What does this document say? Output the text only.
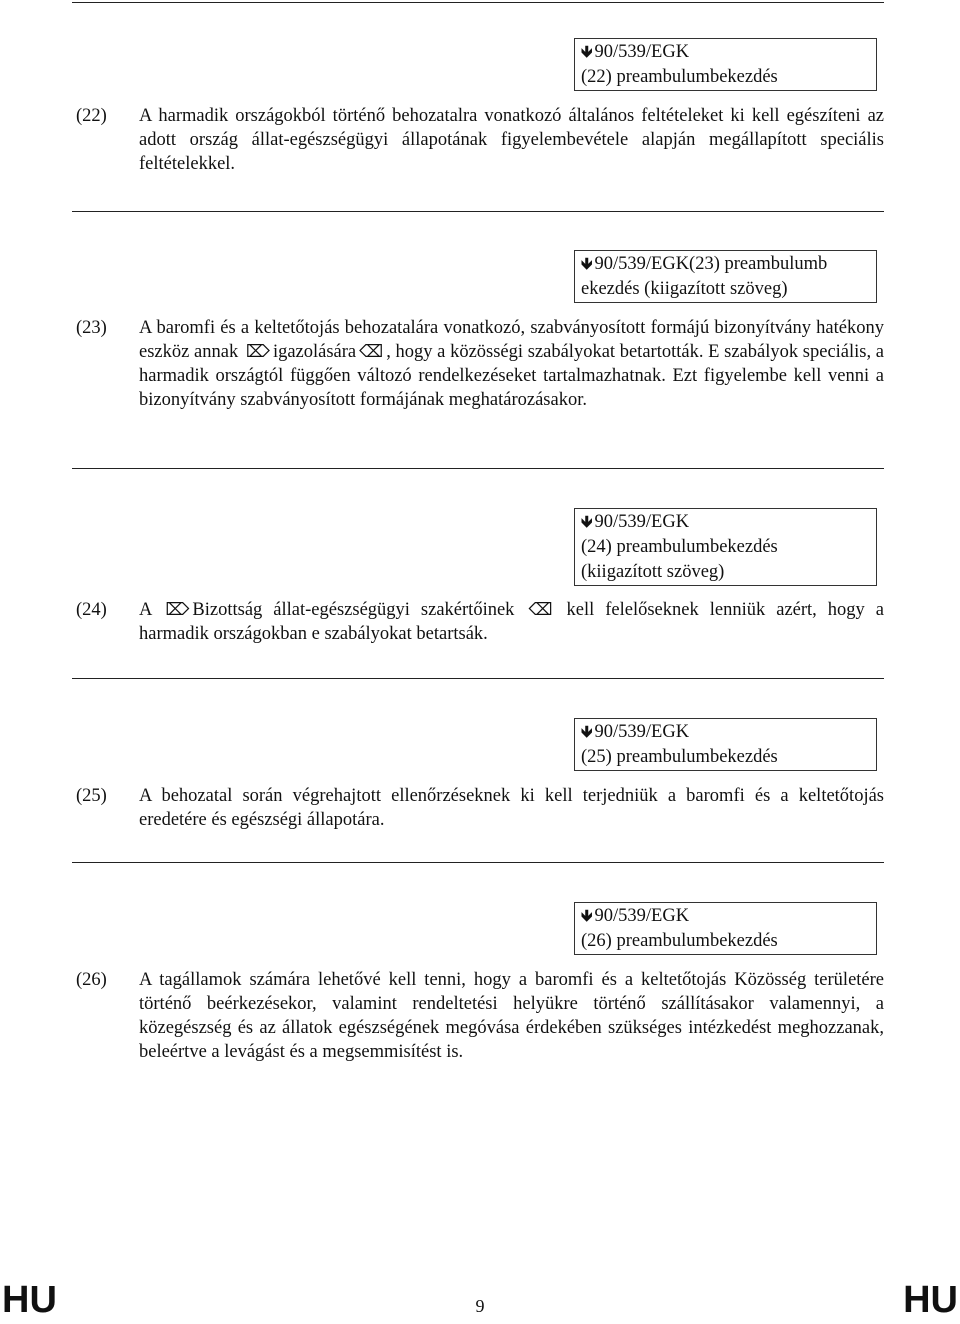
🡻 90/539/EGK
(22) preambulumbekezdés
(22) A harmadik országokból történő behozatalra vonatkozó általános feltételeket ki kell egészíteni az adott ország állat-egészségügyi állapotának figyelembevétele alapján megállapított speciális feltételekkel.
🡻 90/539/EGK(23) preambulumb
ekezdés (kiigazított szöveg)
(23) A baromfi és a keltetőtojás behozatalára vonatkozó, szabványosított formájú bizonyítvány hatékony eszköz annak ⌦ igazolására ⌫ , hogy a közösségi szabályokat betartották. E szabályok speciális, a harmadik országtól függően változó rendelkezéseket tartalmazhatnak. Ezt figyelembe kell venni a bizonyítvány szabványosított formájának meghatározásakor.
🡻 90/539/EGK
(24) preambulumbekezdés
(kiigazított szöveg)
(24) A ⌦ Bizottság állat-egészségügyi szakértőinek ⌫ kell felelőseknek lenniük azért, hogy a harmadik országokban e szabályokat betartsák.
🡻 90/539/EGK
(25) preambulumbekezdés
(25) A behozatal során végrehajtott ellenőrzéseknek ki kell terjedniük a baromfi és a keltetőtojás eredetére és egészségi állapotára.
🡻 90/539/EGK
(26) preambulumbekezdés
(26) A tagállamok számára lehetővé kell tenni, hogy a baromfi és a keltetőtojás Közösség területére történő beérkezésekor, valamint rendeltetési helyükre történő szállításakor valamennyi, a közegészség és az állatok egészségének megóvása érdekében szükséges intézkedést meghozzanak, beleértve a levágást és a megsemmisítést is.
HU	9	HU
